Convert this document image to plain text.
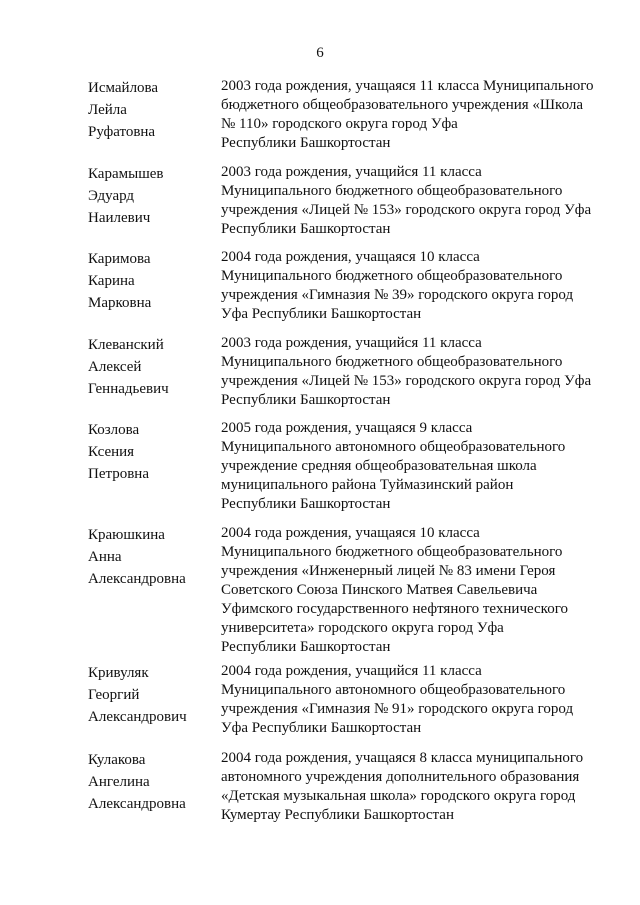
6
Исмайлова
Лейла
Руфатовна
2003 года рождения, учащаяся 11 класса Муниципального
бюджетного общеобразовательного учреждения «Школа
№ 110» городского округа город Уфа
Республики Башкортостан
Карамышев
Эдуард
Наилевич
2003 года рождения, учащийся 11 класса
Муниципального бюджетного общеобразовательного
учреждения «Лицей № 153» городского округа город Уфа
Республики Башкортостан
Каримова
Карина
Марковна
2004 года рождения, учащаяся 10 класса
Муниципального бюджетного общеобразовательного
учреждения «Гимназия № 39» городского округа город
Уфа Республики Башкортостан
Клеванский
Алексей
Геннадьевич
2003 года рождения, учащийся 11 класса
Муниципального бюджетного общеобразовательного
учреждения «Лицей № 153» городского округа город Уфа
Республики Башкортостан
Козлова
Ксения
Петровна
2005 года рождения, учащаяся 9 класса
Муниципального автономного общеобразовательного
учреждение средняя общеобразовательная школа
муниципального района Туймазинский район
Республики Башкортостан
Краюшкина
Анна
Александровна
2004 года рождения, учащаяся 10 класса
Муниципального бюджетного общеобразовательного
учреждения «Инженерный лицей № 83 имени Героя
Советского Союза Пинского Матвея Савельевича
Уфимского государственного нефтяного технического
университета» городского округа город Уфа
Республики Башкортостан
Кривуляк
Георгий
Александрович
2004 года рождения, учащийся 11 класса
Муниципального автономного общеобразовательного
учреждения «Гимназия № 91» городского округа город
Уфа Республики Башкортостан
Кулакова
Ангелина
Александровна
2004 года рождения, учащаяся 8 класса муниципального
автономного учреждения дополнительного образования
«Детская музыкальная школа» городского округа город
Кумертау Республики Башкортостан
